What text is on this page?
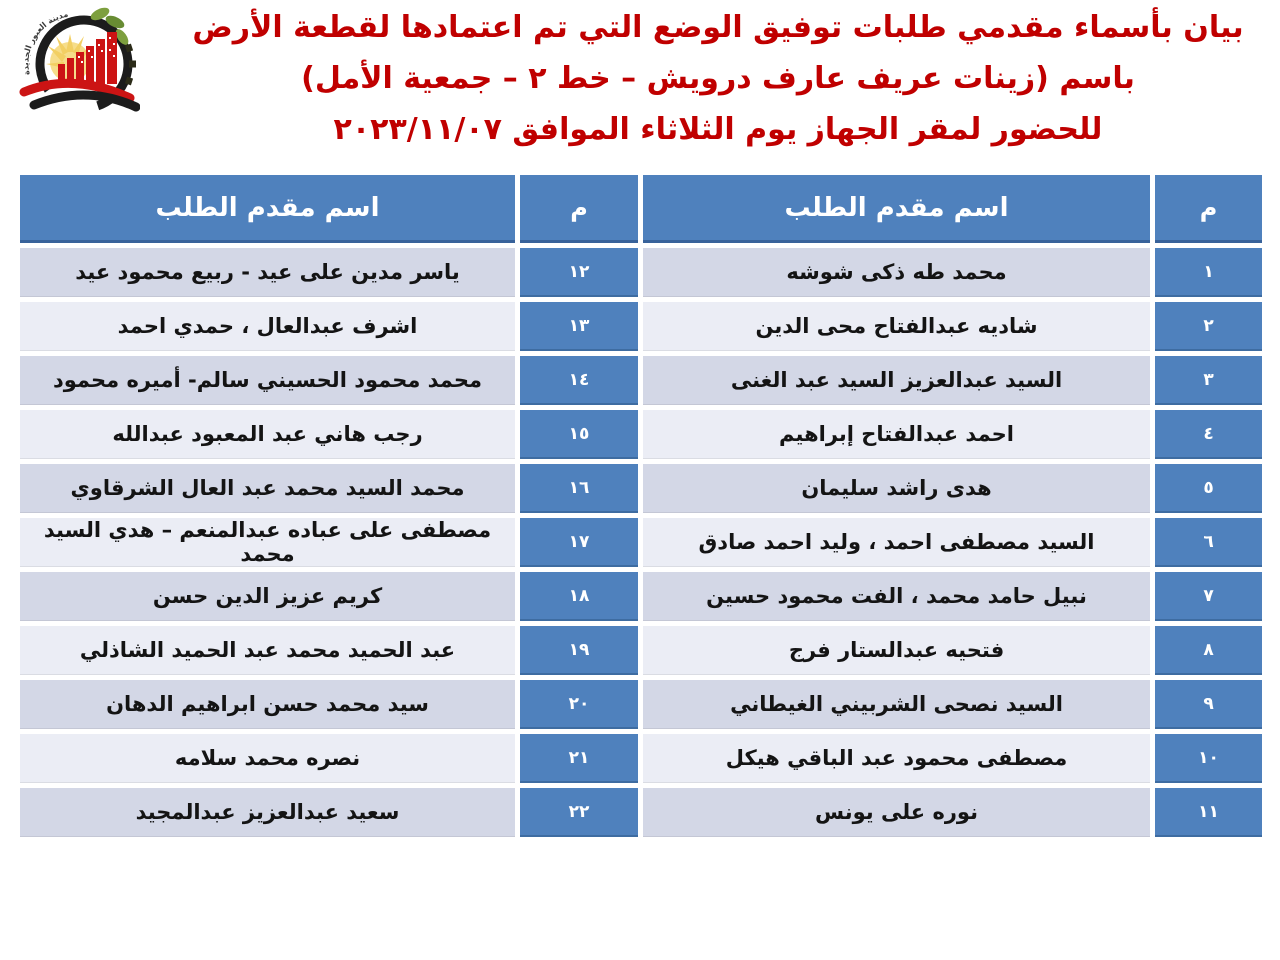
مدينة العبور الجديدة	بيان بأسماء مقدمي طلبات توفيق الوضع التي تم اعتمادها لقطعة الأرض
باسم (زينات عريف عارف درويش – خط ٢ – جمعية الأمل)
للحضور لمقر الجهاز يوم الثلاثاء الموافق ٢٠٢٣/١١/٠٧
م
اسم مقدم الطلب
م
اسم مقدم الطلب
١
محمد طه ذكى شوشه
١٢
ياسر مدين على عيد - ربيع محمود عيد
٢
شاديه عبدالفتاح محى الدين
١٣
اشرف عبدالعال ، حمدي احمد
٣
السيد عبدالعزيز السيد عبد الغنى
١٤
محمد محمود الحسيني سالم- أميره محمود
٤
احمد عبدالفتاح إبراهيم
١٥
رجب هاني عبد المعبود عبدالله
٥
هدى راشد سليمان
١٦
محمد السيد محمد عبد العال الشرقاوي
٦
السيد مصطفى احمد ، وليد احمد صادق
١٧
مصطفى على عباده عبدالمنعم – هدي السيد محمد
٧
نبيل حامد محمد ، الفت محمود حسين
١٨
كريم عزيز الدين حسن
٨
فتحيه عبدالستار فرج
١٩
عبد الحميد محمد عبد الحميد الشاذلي
٩
السيد نصحى الشربيني الغيطاني
٢٠
سيد محمد حسن ابراهيم الدهان
١٠
مصطفى محمود عبد الباقي هيكل
٢١
نصره محمد سلامه
١١
نوره على يونس
٢٢
سعيد عبدالعزيز عبدالمجيد
